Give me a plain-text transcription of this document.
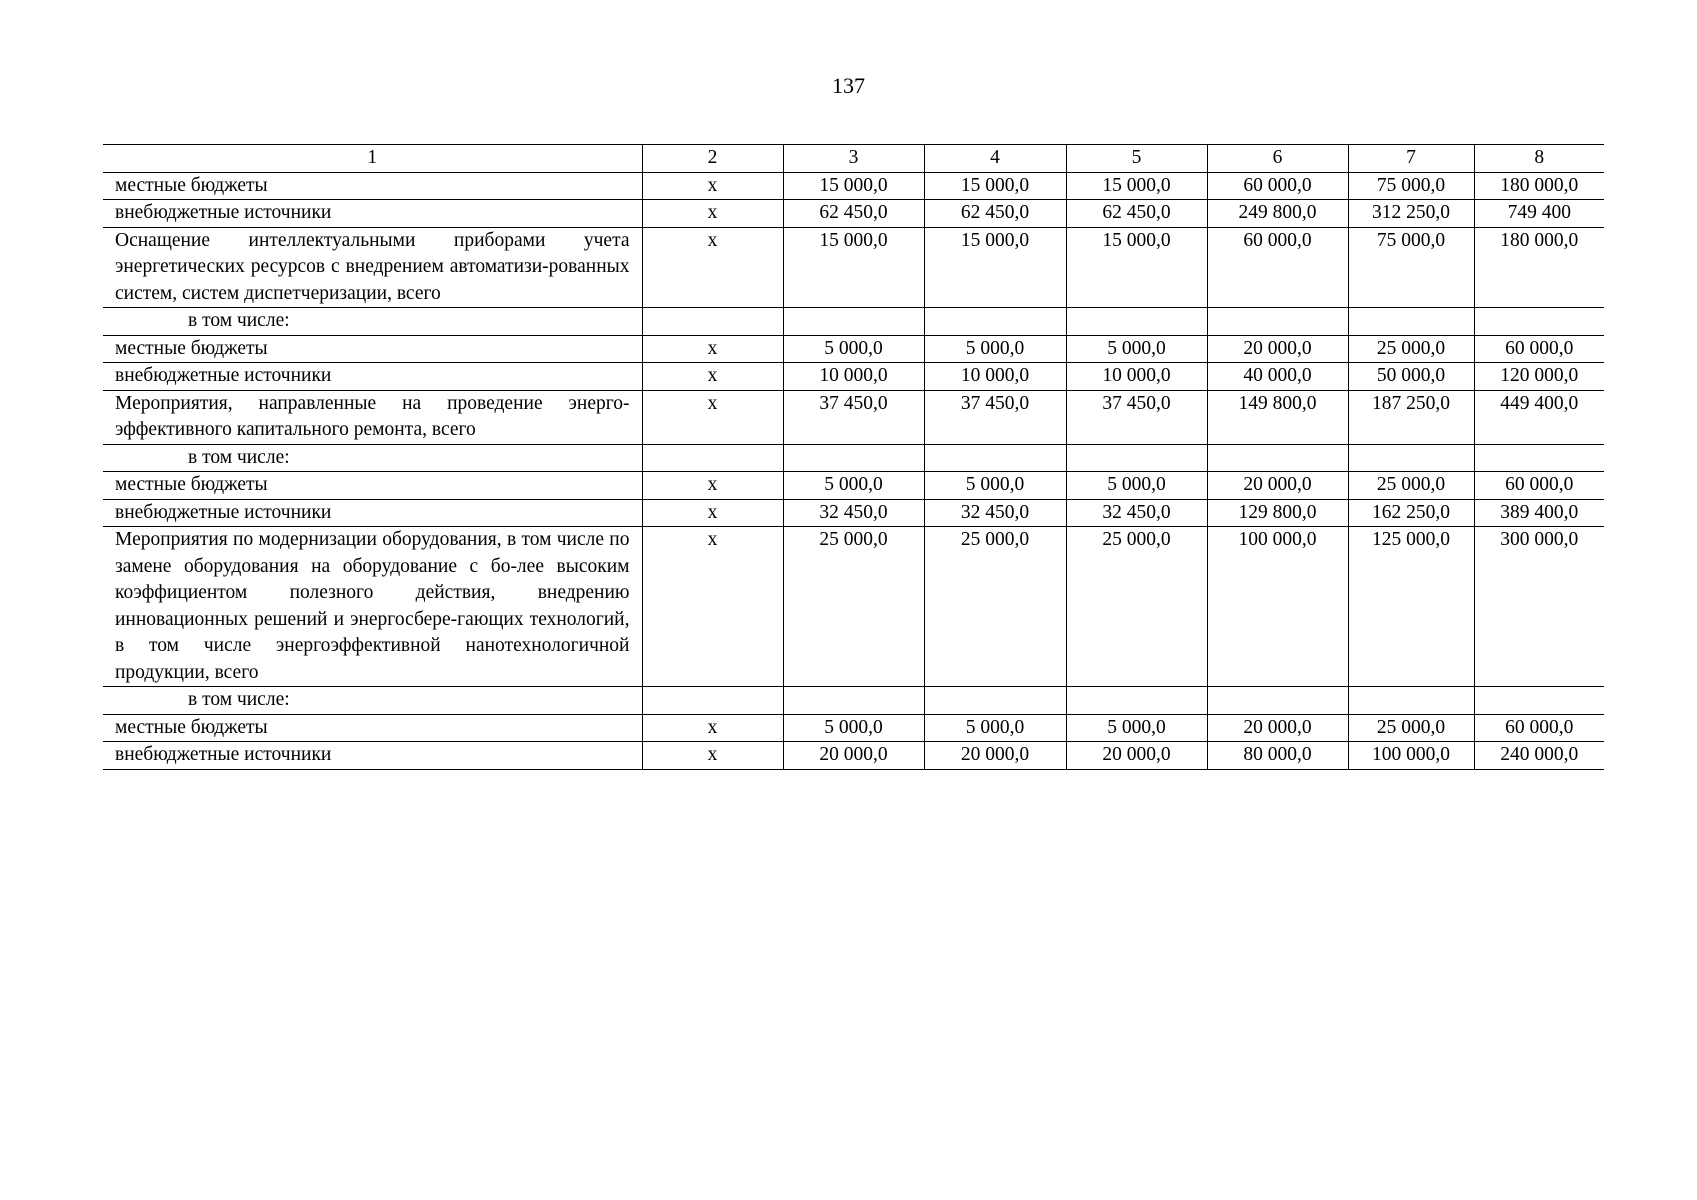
137
1	2	3	4	5	6	7	8
местные бюджеты	х	15 000,0	15 000,0	15 000,0	60 000,0	75 000,0	180 000,0
внебюджетные источники	х	62 450,0	62 450,0	62 450,0	249 800,0	312 250,0	749 400
Оснащение интеллектуальными приборами учета энергетических ресурсов с внедрением автоматизи-рованных систем, систем диспетчеризации, всего	х	15 000,0	15 000,0	15 000,0	60 000,0	75 000,0	180 000,0
в том числе:							
местные бюджеты	х	5 000,0	5 000,0	5 000,0	20 000,0	25 000,0	60 000,0
внебюджетные источники	х	10 000,0	10 000,0	10 000,0	40 000,0	50 000,0	120 000,0
Мероприятия, направленные на проведение энерго-эффективного капитального ремонта, всего	х	37 450,0	37 450,0	37 450,0	149 800,0	187 250,0	449 400,0
в том числе:							
местные бюджеты	х	5 000,0	5 000,0	5 000,0	20 000,0	25 000,0	60 000,0
внебюджетные источники	х	32 450,0	32 450,0	32 450,0	129 800,0	162 250,0	389 400,0
Мероприятия по модернизации оборудования, в том числе по замене оборудования на оборудование с бо-лее высоким коэффициентом полезного действия, внедрению инновационных решений и энергосбере-гающих технологий, в том числе энергоэффективной нанотехнологичной продукции, всего	х	25 000,0	25 000,0	25 000,0	100 000,0	125 000,0	300 000,0
в том числе:							
местные бюджеты	х	5 000,0	5 000,0	5 000,0	20 000,0	25 000,0	60 000,0
внебюджетные источники	х	20 000,0	20 000,0	20 000,0	80 000,0	100 000,0	240 000,0
